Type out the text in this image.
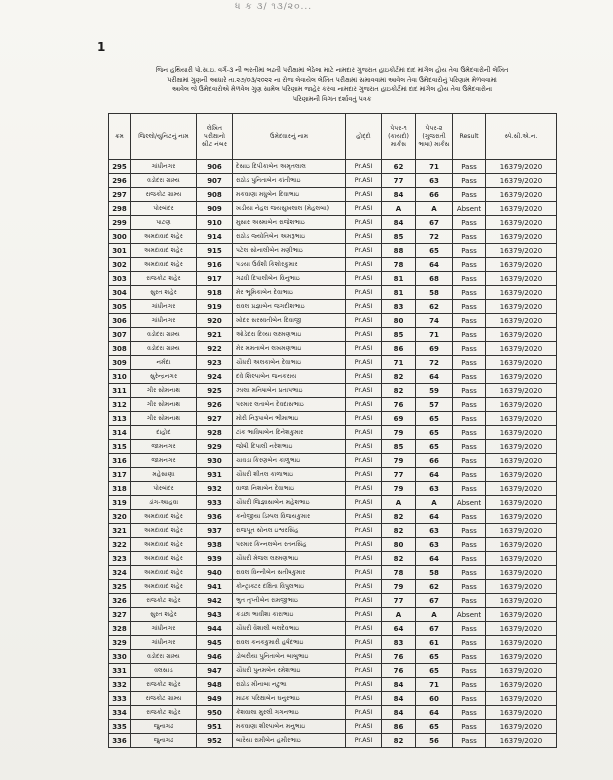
ધ ક ૩/ ૧૩/૨૦...
1
જિન હથિયારી પો.સ.ઇ. વર્ગ-૩ ની ભરતીમાં બઢતી પરીક્ષામાં બેઠેલા માટે નામદાર ગુજરાત હાઇકોર્ટમાં દાદ માંગેલ હોય તેવા ઉમેદવારોની લેખિત
પરીક્ષામાં ગુણની આધારે તા.૨૭/૦૩/૨૦૨૨ ના રોજ લેવાયેલ લેખિત પરીક્ષામાં સમાવવામાં આવેલ તેવા ઉમેદવારોનું પરિણામ મેળવવામાં
આવેલ જે ઉમેદવારોએ મેળવેલ ગુણ સામેલ પરિણામ જાહેર કરવા નામદાર ગુજરાત હાઇકોર્ટમાં દાદ માંગેલ હોય તેવા ઉમેદવારોના
પરિણામની વિગત દર્શાવતું પત્રક
ક્રમ	જિલ્લો/યુનિટનું નામ	લેખિત પરીક્ષાનો સીટ નંબર	ઉમેદવારનું નામ	હોદ્દો	પેપર-૧ (કાયદો) માર્કસ	પેપર-૨ (ગુજરાતી ભાષા) માર્કસ	Result	સ્પે.સી.એ.ન.
295	ગાંધીનગર	906	દેસાઇ દિપીકાબેન અમૃતલાલ	Pr.ASI	62	71	Pass	16379/2020
296	વડોદરા ગ્રામ્ય	907	રાઠોડ પુનિતાબેન કાંતીભાઇ	Pr.ASI	77	63	Pass	16379/2020
297	રાજકોટ ગ્રામ્ય	908	મકવાણા મધુબેન દિવાભાઇ	Pr.ASI	84	66	Pass	16379/2020
298	પોરબંદર	909	ખડીયા નેહલ જયસુખલાલ (મેહલબા)	Pr.ASI	A	A	Absent	16379/2020
299	પાટણ	910	મુસાર અસ્માબેન રાજેશભાઇ	Pr.ASI	84	67	Pass	16379/2020
300	અમદાવાદ શહેર	914	રાઠોડ જ્યોતિબેન અમરૂભાઇ	Pr.ASI	85	72	Pass	16379/2020
301	અમદાવાદ શહેર	915	પટેલ સોનાલીબેન મણીભાઇ	Pr.ASI	88	65	Pass	16379/2020
302	અમદાવાદ શહેર	916	પડયા ઉર્વશી કિશોરકુમાર	Pr.ASI	78	64	Pass	16379/2020
303	રાજકોટ શહેર	917	ગઢવી દિપાલીબેન વિનુભાઇ	Pr.ASI	81	68	Pass	16379/2020
304	સુરત શહેર	918	મેર ભૂમિકાબેન દેવાભાઇ	Pr.ASI	81	58	Pass	16379/2020
305	ગાંધીનગર	919	રાવલ પ્રજ્ઞાબેન જગદીશભાઇ	Pr.ASI	83	62	Pass	16379/2020
306	ગાંધીનગર	920	ખોદર સરસ્વતીબેન દિવાજી	Pr.ASI	80	74	Pass	16379/2020
307	વડોદરા ગ્રામ્ય	921	ઓડેદરા દિવ્યા લક્ષ્મણભાઇ	Pr.ASI	85	71	Pass	16379/2020
308	વડોદરા ગ્રામ્ય	922	મેર મમતાબેન લખમણભાઇ	Pr.ASI	86	69	Pass	16379/2020
309	નર્મદા	923	ચૌધરી અલકાબેન દેવાભાઇ	Pr.ASI	71	72	Pass	16379/2020
310	સુરેન્દ્રનગર	924	દવે શિલ્પાબેન જનકરાય	Pr.ASI	82	64	Pass	16379/2020
311	ગીર સોમનાથ	925	ઝાલા મનિષાબેન પ્રતાપભાઇ	Pr.ASI	82	59	Pass	16379/2020
312	ગીર સોમનાથ	926	પરમાર લતાબેન દેવદાસભાઇ	Pr.ASI	76	57	Pass	16379/2020
313	ગીર સોમનાથ	927	મોરી નિરૂપાબેન ભીમાભાઇ	Pr.ASI	69	65	Pass	16379/2020
314	દાહોદ	928	ટાંક ભાવિષાબેન દિનેશકુમાર	Pr.ASI	79	65	Pass	16379/2020
315	જામનગર	929	જોષી દિપાલી નરેશભાઇ	Pr.ASI	85	65	Pass	16379/2020
316	જામનગર	930	ચાવડા કિરણબેન કાળુભાઇ	Pr.ASI	79	66	Pass	16379/2020
317	મહેસાણા	931	ચૌધરી શીતલ કાળાભાઇ	Pr.ASI	77	64	Pass	16379/2020
318	પોરબંદર	932	વાજા નિશાબેન દેવાભાઇ	Pr.ASI	79	63	Pass	16379/2020
319	ડાંગ-આહવા	933	ચૌધરી જિજ્ઞાસાબેન મહેશભાઇ	Pr.ASI	A	A	Absent	16379/2020
320	અમદાવાદ શહેર	936	કનોજીયા ડિમ્પલ વિજયકુમાર	Pr.ASI	82	64	Pass	16379/2020
321	અમદાવાદ શહેર	937	રાજપૂત સોનલ ઇશ્વરસિંહ	Pr.ASI	82	63	Pass	16379/2020
322	અમદાવાદ શહેર	938	પરમાર કિન્નલબેન રતનસિંહ	Pr.ASI	80	63	Pass	16379/2020
323	અમદાવાદ શહેર	939	ચૌધરી મેજલ લક્ષ્મણભાઇ	Pr.ASI	82	64	Pass	16379/2020
324	અમદાવાદ શહેર	940	રાવલ વિન્નીબેન સતીષકુમાર	Pr.ASI	78	58	Pass	16379/2020
325	અમદાવાદ શહેર	941	કોન્ટ્રાક્ટર દક્ષિતા વિપુલભાઇ	Pr.ASI	79	62	Pass	16379/2020
326	રાજકોટ શહેર	942	ભુત તૃપ્તીબેન રામજીભાઇ	Pr.ASI	77	67	Pass	16379/2020
327	સુરત શહેર	943	કડછા ભાવીશા કારાભાઇ	Pr.ASI	A	A	Absent	16379/2020
328	ગાંધીનગર	944	ચૌધરી વૈશાલી બલદેવભાઇ	Pr.ASI	64	67	Pass	16379/2020
329	ગાંધીનગર	945	રાવલ કનકકુમારી હર્ષદભાઇ	Pr.ASI	83	61	Pass	16379/2020
330	વડોદરા ગ્રામ્ય	946	ડોબરીયા પુનિતાબેન બાબુભાઇ	Pr.ASI	76	65	Pass	16379/2020
331	વલસાડ	947	ચૌધરી પુનમબેન રમેશભાઇ	Pr.ASI	76	65	Pass	16379/2020
332	રાજકોટ શહેર	948	રાઠોડ મીનાબા નટુભા	Pr.ASI	84	71	Pass	16379/2020
333	રાજકોટ ગ્રામ્ય	949	માઢક પરિક્ષાબેન ઘનુરભાઇ	Pr.ASI	84	60	Pass	16379/2020
334	રાજકોટ શહેર	950	કેશવાલા મુરલી ગગનભાઇ	Pr.ASI	84	64	Pass	16379/2020
335	જુનાગઢ	951	મકવાણા શીલ્પાબેન મનુભાઇ	Pr.ASI	86	65	Pass	16379/2020
336	જુનાગઢ	952	બારૈયા રામીબેન હમીરભાઇ	Pr.ASI	82	56	Pass	16379/2020
